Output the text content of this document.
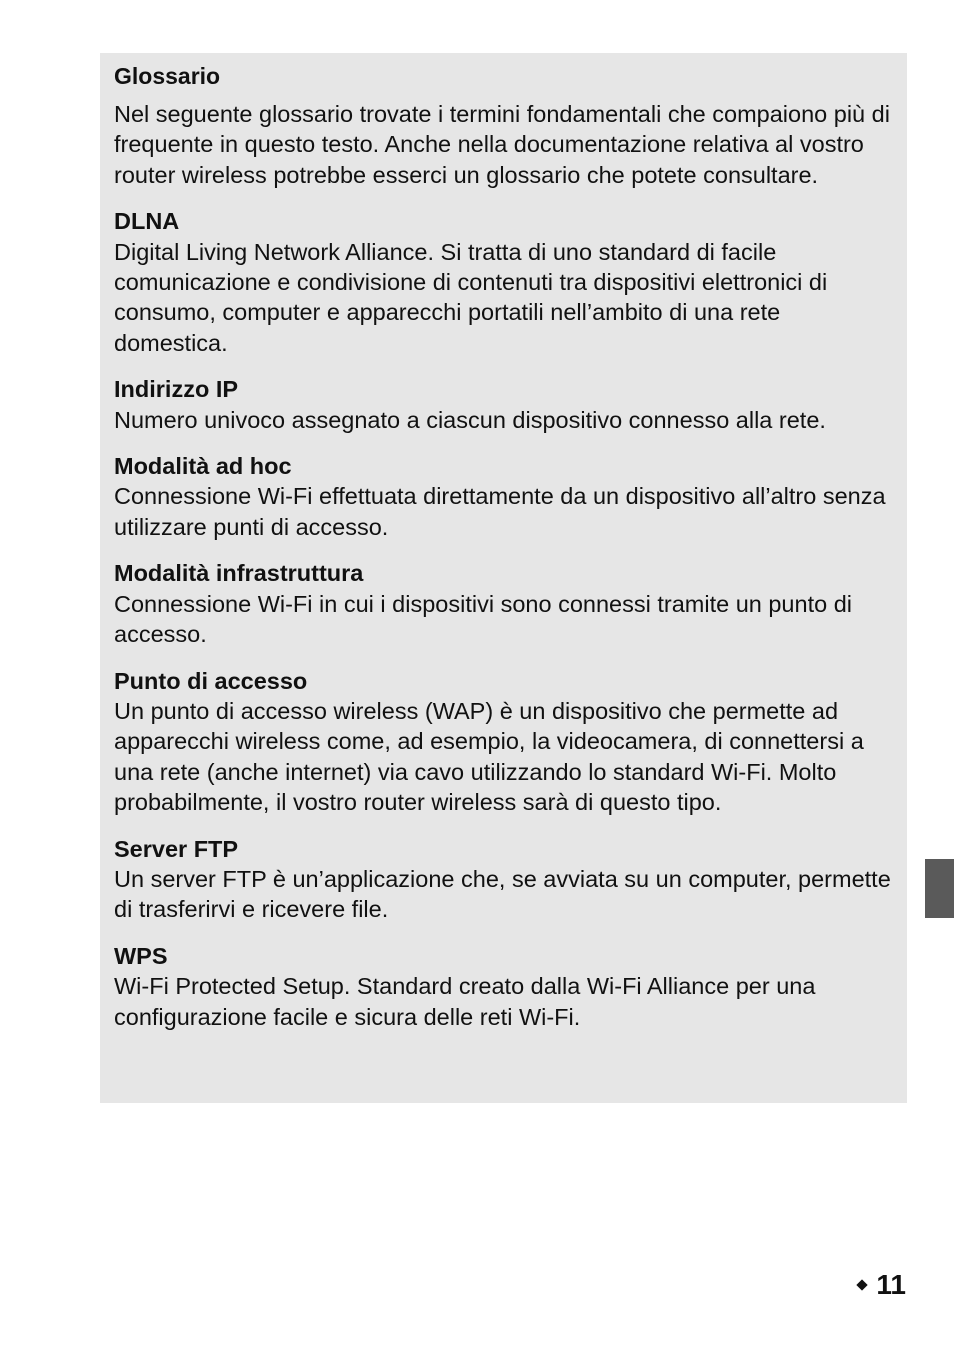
Glossario

Nel seguente glossario trovate i termini fondamentali che compaiono più di frequente in questo testo. Anche nella documentazione relativa al vostro router wireless potrebbe esserci un glossario che potete consultare.

DLNA

Digital Living Network Alliance. Si tratta di uno standard di facile comunicazione e condivisione di contenuti tra dispositivi elettronici di consumo, computer e apparecchi portatili nell’ambito di una rete domestica.

Indirizzo IP

Numero univoco assegnato a ciascun dispositivo connesso alla rete.

Modalità ad hoc

Connessione Wi-Fi effettuata direttamente da un dispositivo all’altro senza utilizzare punti di accesso.

Modalità infrastruttura

Connessione Wi-Fi in cui i dispositivi sono connessi tramite un punto di accesso.

Punto di accesso

Un punto di accesso wireless (WAP) è un dispositivo che permette ad apparecchi wireless come, ad esempio, la videocamera, di connettersi a una rete (anche internet) via cavo utilizzando lo standard Wi-Fi. Molto probabilmente, il vostro router wireless sarà di questo tipo.

Server FTP

Un server FTP è un’applicazione che, se avviata su un computer, permette di trasferirvi e ricevere file.

WPS

Wi-Fi Protected Setup. Standard creato dalla Wi-Fi Alliance per una configurazione facile e sicura delle reti Wi-Fi.

11
